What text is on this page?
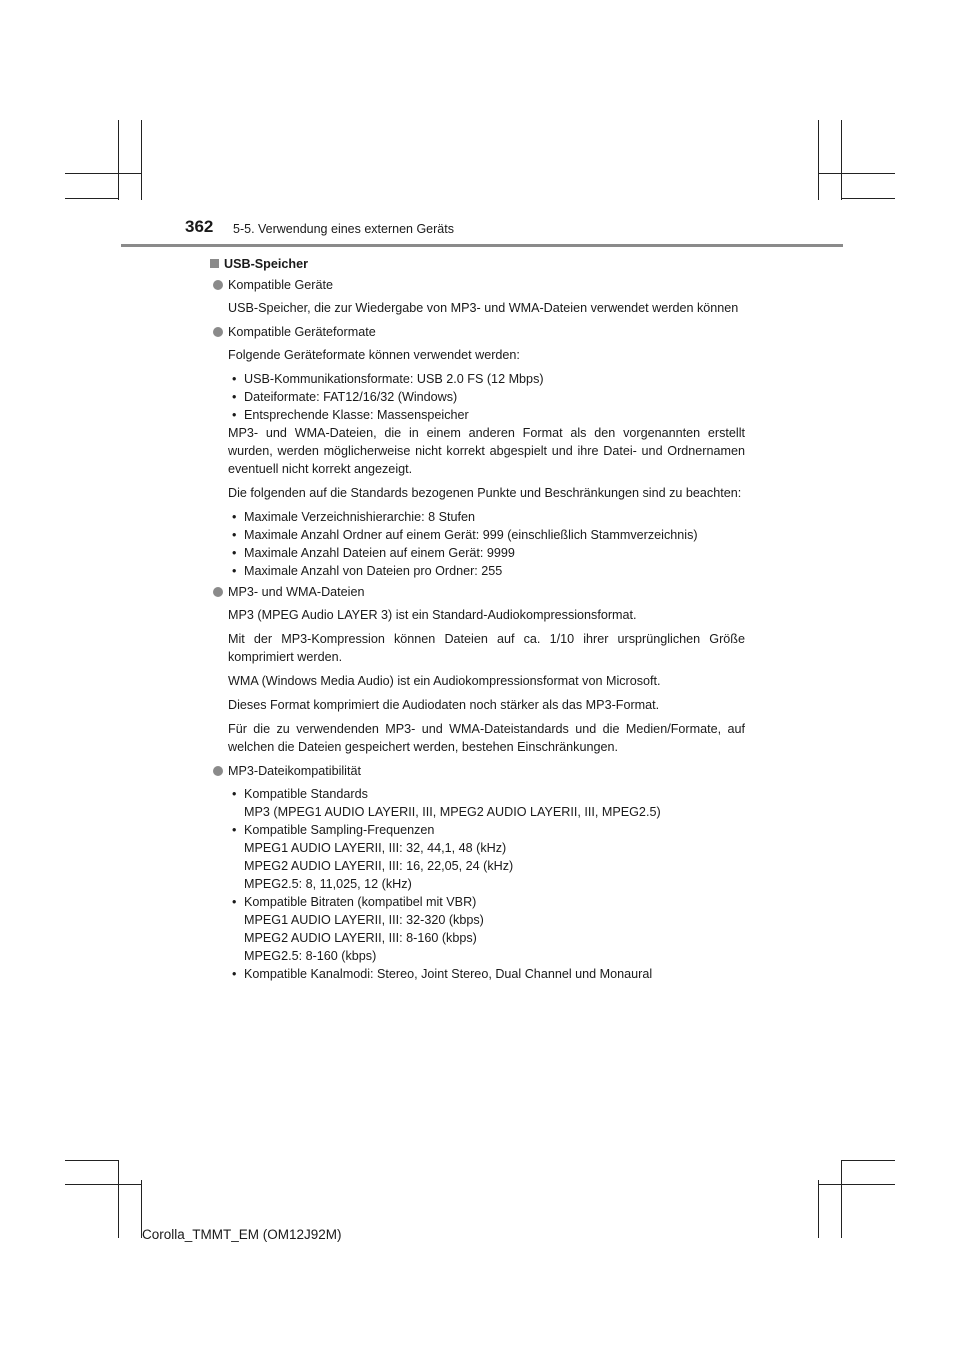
362 5-5. Verwendung eines externen Geräts
USB-Speicher
Kompatible Geräte

USB-Speicher, die zur Wiedergabe von MP3- und WMA-Dateien verwendet werden können

Kompatible Geräteformate

Folgende Geräteformate können verwendet werden:

• USB-Kommunikationsformate: USB 2.0 FS (12 Mbps)
• Dateiformate: FAT12/16/32 (Windows)
• Entsprechende Klasse: Massenspeicher

MP3- und WMA-Dateien, die in einem anderen Format als den vorgenannten erstellt wurden, werden möglicherweise nicht korrekt abgespielt und ihre Datei- und Ordnernamen eventuell nicht korrekt angezeigt.

Die folgenden auf die Standards bezogenen Punkte und Beschränkungen sind zu beachten:

• Maximale Verzeichnishierarchie: 8 Stufen
• Maximale Anzahl Ordner auf einem Gerät: 999 (einschließlich Stammverzeichnis)
• Maximale Anzahl Dateien auf einem Gerät: 9999
• Maximale Anzahl von Dateien pro Ordner: 255
MP3- und WMA-Dateien

MP3 (MPEG Audio LAYER 3) ist ein Standard-Audiokompressionsformat.

Mit der MP3-Kompression können Dateien auf ca. 1/10 ihrer ursprünglichen Größe komprimiert werden.

WMA (Windows Media Audio) ist ein Audiokompressionsformat von Microsoft.

Dieses Format komprimiert die Audiodaten noch stärker als das MP3-Format.

Für die zu verwendenden MP3- und WMA-Dateistandards und die Medien/Formate, auf welchen die Dateien gespeichert werden, bestehen Einschränkungen.

MP3-Dateikompatibilität
• Kompatible Standards
MP3 (MPEG1 AUDIO LAYERII, III, MPEG2 AUDIO LAYERII, III, MPEG2.5)
• Kompatible Sampling-Frequenzen
MPEG1 AUDIO LAYERII, III: 32, 44,1, 48 (kHz)
MPEG2 AUDIO LAYERII, III: 16, 22,05, 24 (kHz)
MPEG2.5: 8, 11,025, 12 (kHz)
• Kompatible Bitraten (kompatibel mit VBR)
MPEG1 AUDIO LAYERII, III: 32-320 (kbps)
MPEG2 AUDIO LAYERII, III: 8-160 (kbps)
MPEG2.5: 8-160 (kbps)
• Kompatible Kanalmodi: Stereo, Joint Stereo, Dual Channel und Monaural
Corolla_TMMT_EM (OM12J92M)
